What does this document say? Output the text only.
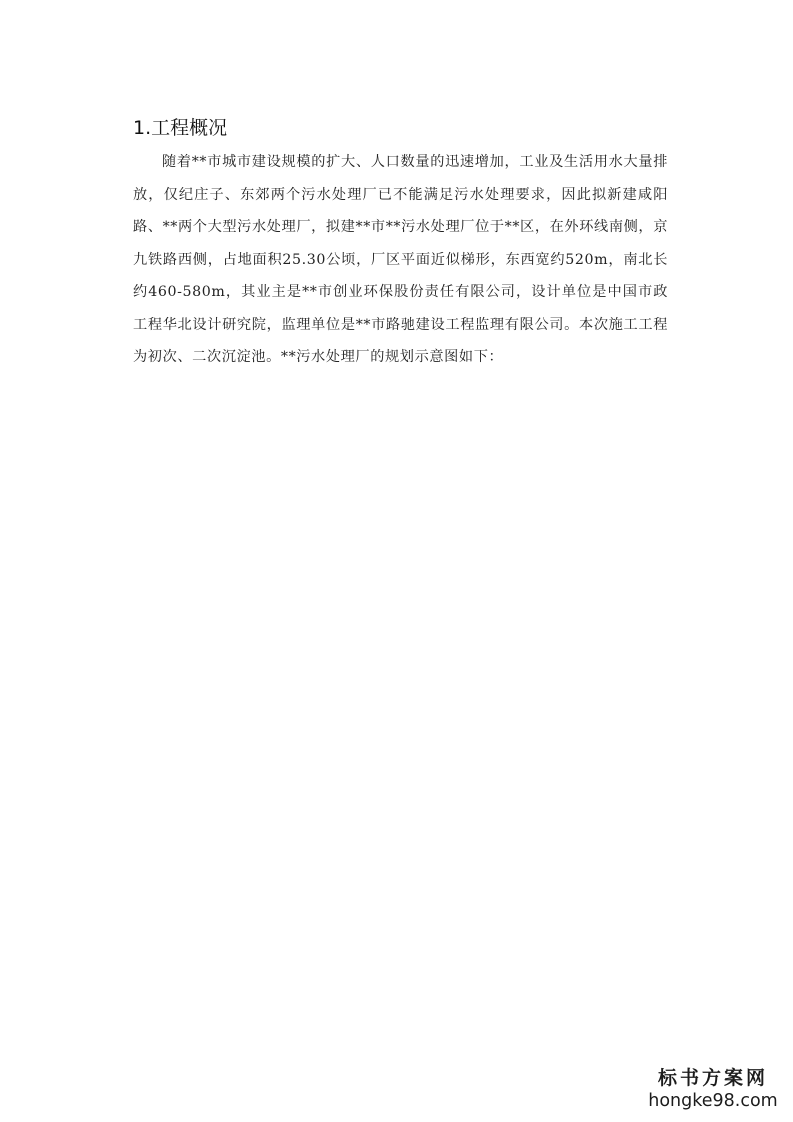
1.工程概况

随着**市城市建设规模的扩大、人口数量的迅速增加，工业及生活用水大量排放，仅纪庄子、东郊两个污水处理厂已不能满足污水处理要求，因此拟新建咸阳路、**两个大型污水处理厂，拟建**市**污水处理厂位于**区，在外环线南侧，京九铁路西侧，占地面积25.30公顷，厂区平面近似梯形，东西宽约520m，南北长约460-580m，其业主是**市创业环保股份责任有限公司，设计单位是中国市政工程华北设计研究院，监理单位是**市路驰建设工程监理有限公司。本次施工工程为初次、二次沉淀池。**污水处理厂的规划示意图如下：

标书方案网
hongke98.com
